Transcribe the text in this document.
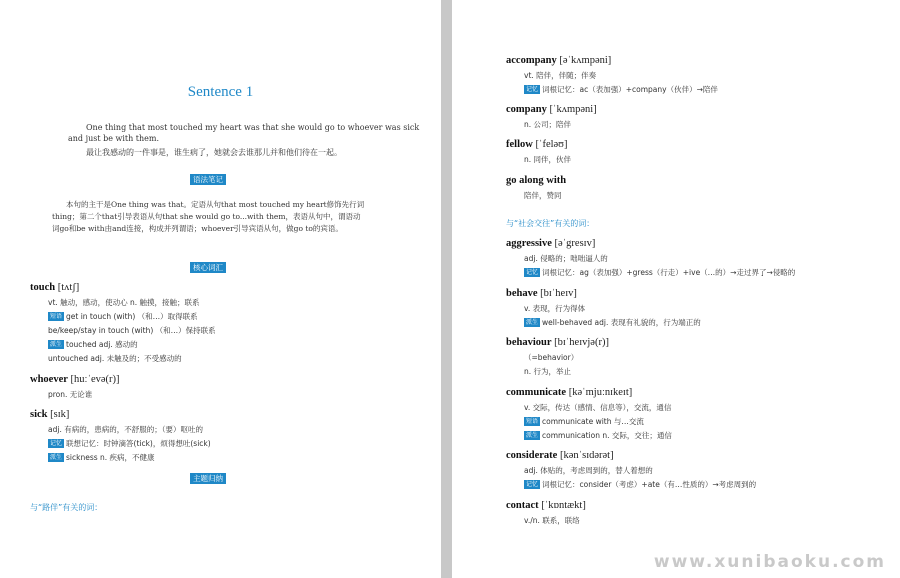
Sentence 1
One thing that most touched my heart was that she would go to whoever was sick
and just be with them.
最让我感动的一件事是，谁生病了，她就会去谁那儿并和他们待在一起。
语法笔记
本句的主干是One thing was that。定语从句that most touched my heart修饰先行词
thing；第二个that引导表语从句that she would go to...with them，表语从句中，谓语动
词go和be with由and连接，构成并列谓语；whoever引导宾语从句，做go to的宾语。
核心词汇
touch [tʌtʃ]
vt. 触动，感动，使动心 n. 触摸，接触；联系
短语 get in touch (with) （和…）取得联系
be/keep/stay in touch (with) （和…）保持联系
派生 touched adj. 感动的
untouched adj. 未触及的；不受感动的
whoever [huːˈevə(r)]
pron. 无论谁
sick [sɪk]
adj. 有病的，患病的，不舒服的；（要）呕吐的
记忆 联想记忆：时钟滴答(tick)，烦得想吐(sick)
派生 sickness n. 疾病，不健康
主题归纳
与“路伴”有关的词：
accompany [əˈkʌmpəni]
vt. 陪伴，伴随；伴奏
记忆 词根记忆：ac（表加强）+company（伙伴）→陪伴
company [ˈkʌmpəni]
n. 公司；陪伴
fellow [ˈfeləʊ]
n. 同伴，伙伴
go along with
陪伴，赞同
与“社会交往”有关的词：
aggressive [əˈgresɪv]
adj. 侵略的；咄咄逼人的
记忆 词根记忆：ag（表加强）+gress（行走）+ive（…的）→走过界了→侵略的
behave [bɪˈheɪv]
v. 表现，行为得体
派生 well-behaved adj. 表现有礼貌的，行为端正的
behaviour [bɪˈheɪvjə(r)]
（=behavior）
n. 行为，举止
communicate [kəˈmjuːnɪkeɪt]
v. 交际，传达（感情、信息等），交流，通信
短语 communicate with 与…交流
派生 communication n. 交际，交往；通信
considerate [kənˈsɪdərət]
adj. 体贴的，考虑周到的，替人着想的
记忆 词根记忆：consider（考虑）+ate（有…性质的）→考虑周到的
contact [ˈkɒntækt]
v./n. 联系，联络
www.xunibaoku.com
